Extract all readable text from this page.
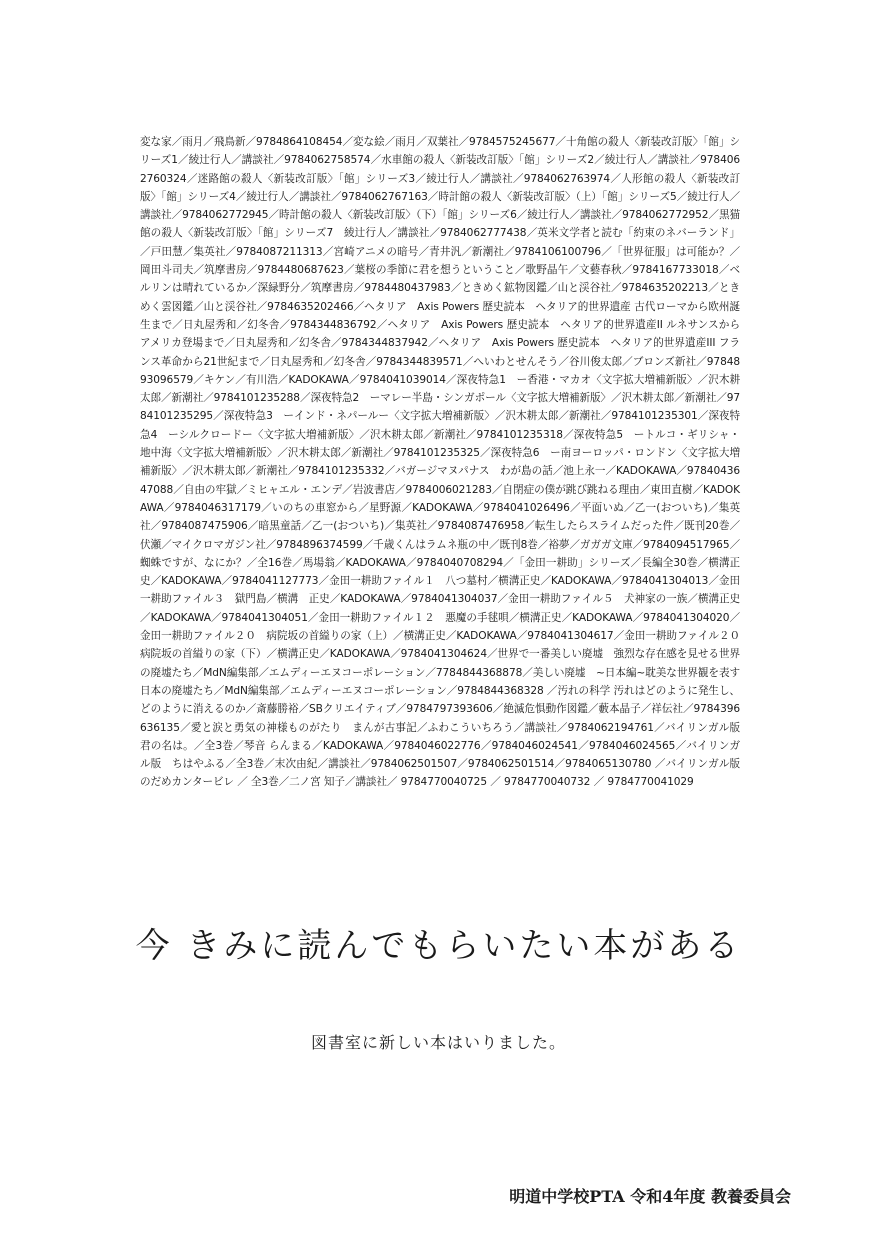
変な家／雨月／飛鳥新／9784864108454／変な絵／雨月／双葉社／9784575245677／十角館の殺人〈新装改訂版〉「館」シリーズ1／綾辻行人／講談社／9784062758574／水車館の殺人〈新装改訂版〉「館」シリーズ2／綾辻行人／講談社／9784062760324／迷路館の殺人〈新装改訂版〉「館」シリーズ3／綾辻行人／講談社／9784062763974／人形館の殺人〈新装改訂版〉「館」シリーズ4／綾辻行人／講談社／9784062767163／時計館の殺人〈新装改訂版〉（上）「館」シリーズ5／綾辻行人／講談社／9784062772945／時計館の殺人〈新装改訂版〉（下）「館」シリーズ6／綾辻行人／講談社／9784062772952／黒猫館の殺人〈新装改訂版〉「館」シリーズ7　綾辻行人／講談社／9784062777438／英米文学者と読む「約束のネバーランド」／戸田慧／集英社／9784087211313／宮崎アニメの暗号／青井汎／新潮社／9784106100796／「世界征服」は可能か？／岡田斗司夫／筑摩書房／9784480687623／葉桜の季節に君を想うということ／歌野晶午／文藝春秋／9784167733018／ベルリンは晴れているか／深緑野分／筑摩書房／9784480437983／ときめく鉱物図鑑／山と渓谷社／9784635202213／ときめく雲図鑑／山と渓谷社／9784635202466／ヘタリア　Axis Powers 歴史読本　ヘタリア的世界遺産 古代ローマから欧州誕生まで／日丸屋秀和／幻冬舎／9784344836792／ヘタリア　Axis Powers 歴史読本　ヘタリア的世界遺産II ルネサンスからアメリカ登場まで／日丸屋秀和／幻冬舎／9784344837942／ヘタリア　Axis Powers 歴史読本　ヘタリア的世界遺産III フランス革命から21世紀まで／日丸屋秀和／幻冬舎／9784344839571／へいわとせんそう／谷川俊太郎／ブロンズ新社／9784893096579／キケン／有川浩／KADOKAWA／9784041039014／深夜特急1　ー香港・マカオ〈文字拡大増補新版〉／沢木耕太郎／新潮社／9784101235288／深夜特急2　ーマレー半島・シンガポール〈文字拡大増補新版〉／沢木耕太郎／新潮社／9784101235295／深夜特急3　ーインド・ネパールー〈文字拡大増補新版〉／沢木耕太郎／新潮社／9784101235301／深夜特急4　ーシルクロードー〈文字拡大増補新版〉／沢木耕太郎／新潮社／9784101235318／深夜特急5　ートルコ・ギリシャ・地中海〈文字拡大増補新版〉／沢木耕太郎／新潮社／9784101235325／深夜特急6　ー南ヨーロッパ・ロンドン〈文字拡大増補新版〉／沢木耕太郎／新潮社／9784101235332／バガージマヌパナス　わが島の話／池上永一／KADOKAWA／9784043647088／自由の牢獄／ミヒャエル・エンデ／岩波書店／9784006021283／自閉症の僕が跳び跳ねる理由／東田直樹／KADOKAWA／9784046317179／いのちの車窓から／星野源／KADOKAWA／9784041026496／平面いぬ／乙一(おついち)／集英社／9784087475906／暗黒童話／乙一(おついち)／集英社／9784087476958／転生したらスライムだった件／既刊20巻／伏瀬／マイクロマガジン社／9784896374599／千歳くんはラムネ瓶の中／既刊8巻／裕夢／ガガガ文庫／9784094517965／蜘蛛ですが、なにか？／全16巻／馬場翁／KADOKAWA／9784040708294／「金田一耕助」シリーズ／長編全30巻／横溝正史／KADOKAWA／9784041127773／金田一耕助ファイル１　八つ墓村／横溝正史／KADOKAWA／9784041304013／金田一耕助ファイル３　獄門島／横溝　正史／KADOKAWA／9784041304037／金田一耕助ファイル５　犬神家の一族／横溝正史／KADOKAWA／9784041304051／金田一耕助ファイル１２　悪魔の手毬唄／横溝正史／KADOKAWA／9784041304020／金田一耕助ファイル２０　病院坂の首縊りの家（上）／横溝正史／KADOKAWA／9784041304617／金田一耕助ファイル２０　病院坂の首縊りの家（下）／横溝正史／KADOKAWA／9784041304624／世界で一番美しい廃墟　強烈な存在感を見せる世界の廃墟たち／MdN編集部／エムディーエヌコーポレーション／7784844368878／美しい廃墟　~日本編~耽美な世界観を表す日本の廃墟たち／MdN編集部／エムディーエヌコーポレーション／9784844368328 ／汚れの科学 汚れはどのように発生し、どのように消えるのか／斎藤勝裕／SBクリエイティブ／9784797393606／絶滅危惧動作図鑑／藪本晶子／祥伝社／9784396636135／愛と涙と勇気の神様ものがたり　まんが古事記／ふわこういちろう／講談社／9784062194761／バイリンガル版　君の名は。／全3巻／琴音 らんまる／KADOKAWA／9784046022776／9784046024541／9784046024565／バイリンガル版　ちはやふる／全3巻／末次由紀／講談社／9784062501507／9784062501514／9784065130780 ／バイリンガル版 のだめカンタービレ ／ 全3巻／二ノ宮 知子／講談社／ 9784770040725 ／ 9784770040732 ／ 9784770041029

今 きみに読んでもらいたい本がある

図書室に新しい本はいりました。

明道中学校PTA 令和4年度 教養委員会
